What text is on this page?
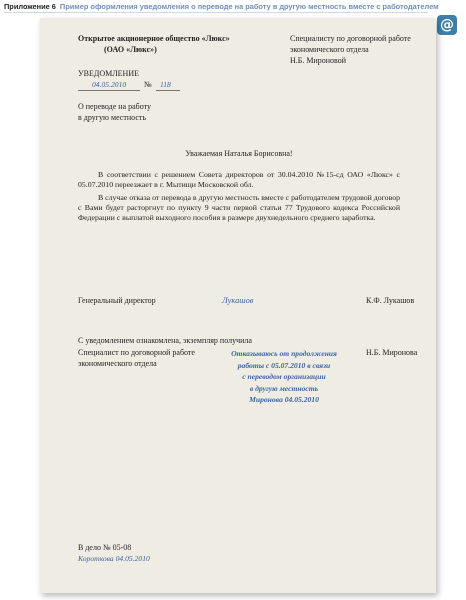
Приложение 6 Пример оформления уведомления о переводе на работу в другую местность вместе с работодателем
@
Открытое акционерное общество «Люкс»
(ОАО «Люкс»)
Специалисту по договорной работе
экономического отдела
Н.Б. Мироновой
УВЕДОМЛЕНИЕ
04.05.2010 № 118
О переводе на работу
в другую местность
Уважаемая Наталья Борисовна!
В соответствии с решением Совета директоров от 30.04.2010 №15-сд ОАО «Люкс» с 05.07.2010 переезжает в г. Мытищи Московской обл.
В случае отказа от перевода в другую местность вместе с работодателем трудовой договор с Вами будет расторгнут по пункту 9 части первой статьи 77 Трудового кодекса Российской Федерации с выплатой выходного пособия в размере двухнедельного среднего заработка.
Генеральный директор	Лукашов	К.Ф. Лукашов
С уведомлением ознакомлена, экземпляр получила
Специалист по договорной работе
экономического отдела
Отказываюсь от продолжения
работы с 05.07.2010 в связи
с переводом организации
в другую местность
Миронова 04.05.2010
Н.Б. Миронова
В дело № 05-08
Короткова 04.05.2010
